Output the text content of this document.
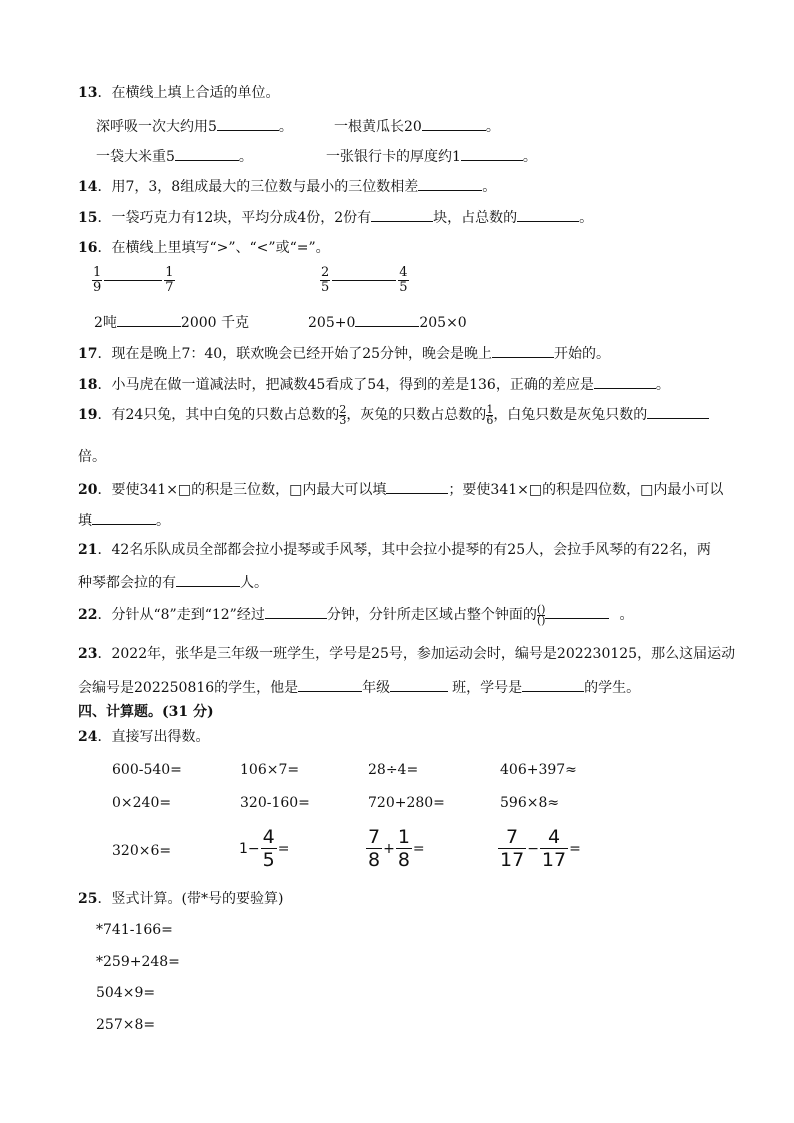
13．在横线上填上合适的单位。
深呼吸一次大约用5	。	一根黄瓜长20	。
一袋大米重5	。	一张银行卡的厚度约1	。
14．用7，3，8组成最大的三位数与最小的三位数相差	。
15．一袋巧克力有12块，平均分成4份，2份有	块，占总数的	。
16．在横线上里填写“>”、“<”或“=”。
$\frac{1}{9}$	$\frac{1}{7}$	$\frac{2}{5}$	$\frac{4}{5}$
2吨	2000 千克	205+0	205×0
17．现在是晚上7：40，联欢晚会已经开始了25分钟，晚会是晚上	开始的。
18．小马虎在做一道减法时，把减数45看成了54，得到的差是136，正确的差应是	。
19．有24只兔，其中白兔的只数占总数的 $\frac{2}{3}$ ，灰兔的只数占总数的 $\frac{1}{6}$ ，白兔只数是灰兔只数的
倍。
20．要使341×□的积是三位数，□内最大可以填	；要使341×□的积是四位数，□内最小可以
填	。
21．42名乐队成员全部都会拉小提琴或手风琴，其中会拉小提琴的有25人，会拉手风琴的有22名，两
种琴都会拉的有	人。
22．分针从“8”走到“12”经过	分钟，分针所走区域占整个钟面的 ()
()	。
23．2022年，张华是三年级一班学生，学号是25号，参加运动会时，编号是202230125，那么这届运动
会编号是202250816的学生，他是	年级	班，学号是	的学生。
四、计算题。(31 分)
24．直接写出得数。
600-540=	106×7=	28÷4=	406+397≈
0×240=	320-160=	720+280=	596×8≈
320×6=	$1- \frac{4}{5}$ =	$\frac{7}{8} + \frac{1}{8}$ =	$\frac{7}{17} - \frac{4}{17}$ =
25．竖式计算。(带*号的要验算)
*741-166=
*259+248=
504×9=
257×8=
